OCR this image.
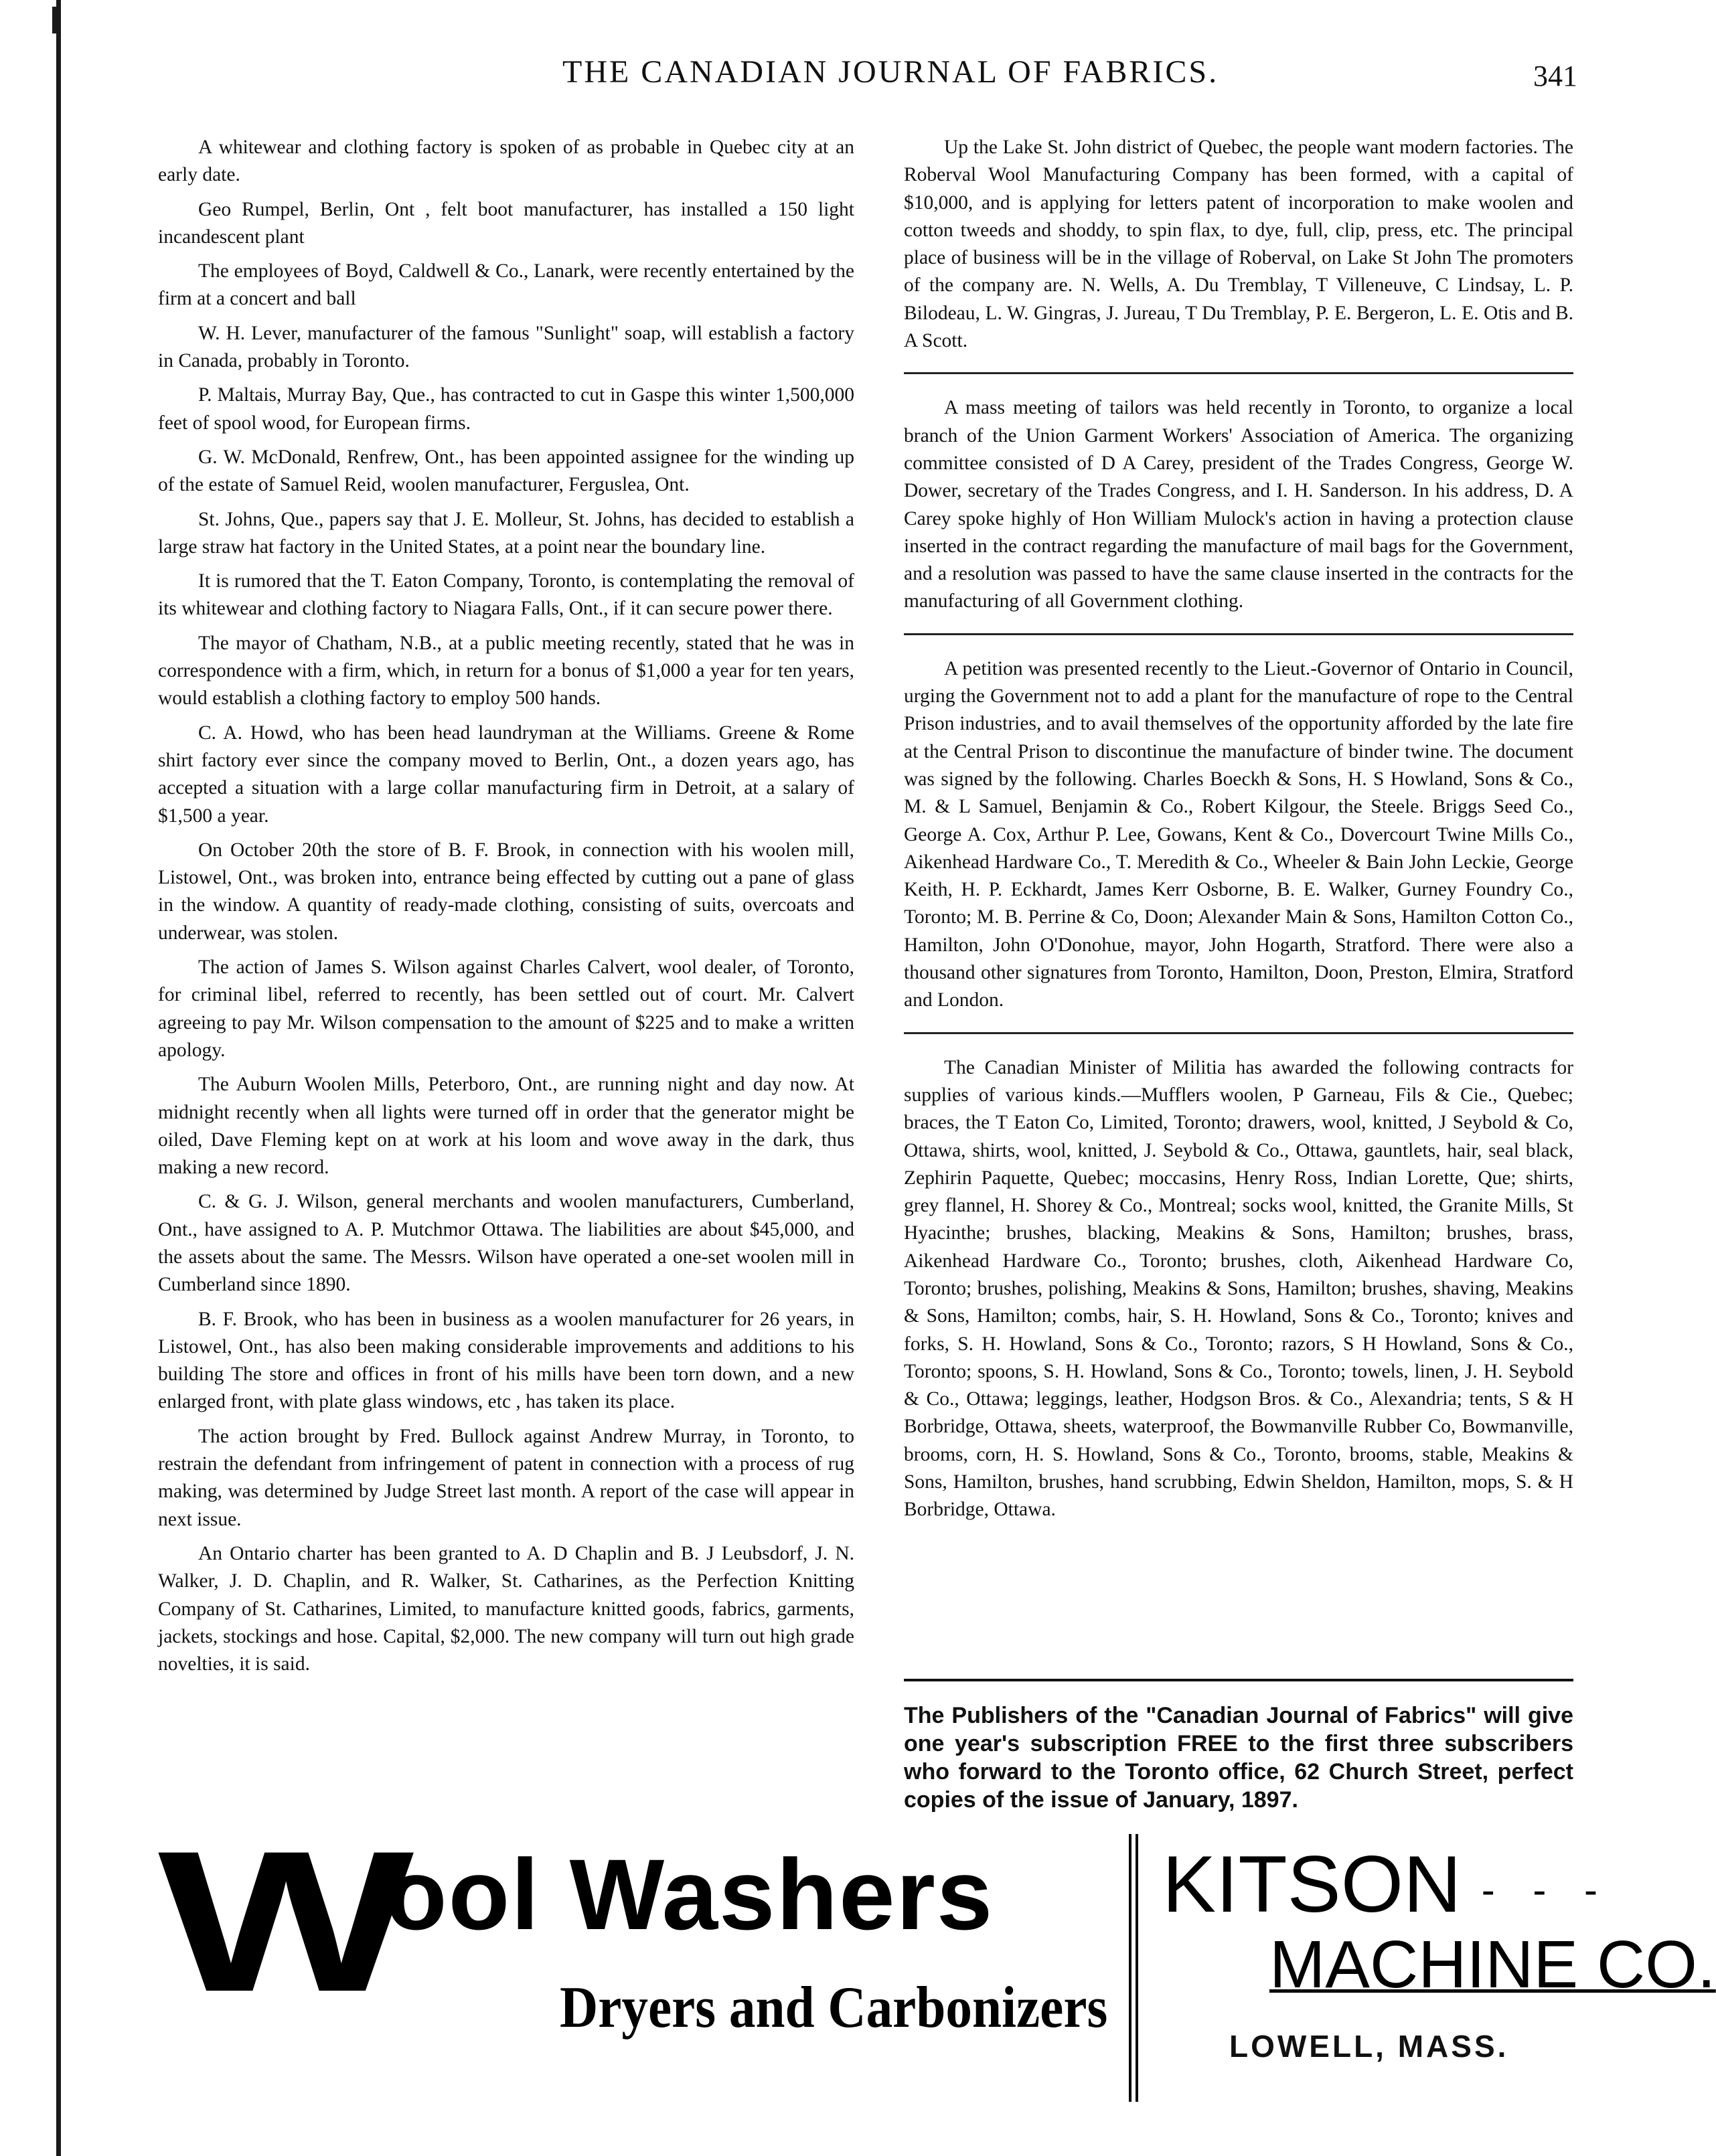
THE CANADIAN JOURNAL OF FABRICS.	341

A whitewear and clothing factory is spoken of as probable in Quebec city at an early date.

Geo Rumpel, Berlin, Ont , felt boot manufacturer, has installed a 150 light incandescent plant

The employees of Boyd, Caldwell & Co., Lanark, were recently entertained by the firm at a concert and ball

W. H. Lever, manufacturer of the famous "Sunlight" soap, will establish a factory in Canada, probably in Toronto.

P. Maltais, Murray Bay, Que., has contracted to cut in Gaspe this winter 1,500,000 feet of spool wood, for European firms.

G. W. McDonald, Renfrew, Ont., has been appointed assignee for the winding up of the estate of Samuel Reid, woolen manufacturer, Ferguslea, Ont.

St. Johns, Que., papers say that J. E. Molleur, St. Johns, has decided to establish a large straw hat factory in the United States, at a point near the boundary line.

It is rumored that the T. Eaton Company, Toronto, is contemplating the removal of its whitewear and clothing factory to Niagara Falls, Ont., if it can secure power there.

The mayor of Chatham, N.B., at a public meeting recently, stated that he was in correspondence with a firm, which, in return for a bonus of $1,000 a year for ten years, would establish a clothing factory to employ 500 hands.

C. A. Howd, who has been head laundryman at the Williams. Greene & Rome shirt factory ever since the company moved to Berlin, Ont., a dozen years ago, has accepted a situation with a large collar manufacturing firm in Detroit, at a salary of $1,500 a year.

On October 20th the store of B. F. Brook, in connection with his woolen mill, Listowel, Ont., was broken into, entrance being effected by cutting out a pane of glass in the window. A quantity of ready-made clothing, consisting of suits, overcoats and underwear, was stolen.

The action of James S. Wilson against Charles Calvert, wool dealer, of Toronto, for criminal libel, referred to recently, has been settled out of court. Mr. Calvert agreeing to pay Mr. Wilson compensation to the amount of $225 and to make a written apology.

The Auburn Woolen Mills, Peterboro, Ont., are running night and day now. At midnight recently when all lights were turned off in order that the generator might be oiled, Dave Fleming kept on at work at his loom and wove away in the dark, thus making a new record.

C. & G. J. Wilson, general merchants and woolen manufacturers, Cumberland, Ont., have assigned to A. P. Mutchmor Ottawa. The liabilities are about $45,000, and the assets about the same. The Messrs. Wilson have operated a one-set woolen mill in Cumberland since 1890.

B. F. Brook, who has been in business as a woolen manufacturer for 26 years, in Listowel, Ont., has also been making considerable improvements and additions to his building The store and offices in front of his mills have been torn down, and a new enlarged front, with plate glass windows, etc , has taken its place.

The action brought by Fred. Bullock against Andrew Murray, in Toronto, to restrain the defendant from infringement of patent in connection with a process of rug making, was determined by Judge Street last month. A report of the case will appear in next issue.

An Ontario charter has been granted to A. D Chaplin and B. J Leubsdorf, J. N. Walker, J. D. Chaplin, and R. Walker, St. Catharines, as the Perfection Knitting Company of St. Catharines, Limited, to manufacture knitted goods, fabrics, garments, jackets, stockings and hose. Capital, $2,000. The new company will turn out high grade novelties, it is said.

Up the Lake St. John district of Quebec, the people want modern factories. The Roberval Wool Manufacturing Company has been formed, with a capital of $10,000, and is applying for letters patent of incorporation to make woolen and cotton tweeds and shoddy, to spin flax, to dye, full, clip, press, etc. The principal place of business will be in the village of Roberval, on Lake St John The promoters of the company are. N. Wells, A. Du Tremblay, T Villeneuve, C Lindsay, L. P. Bilodeau, L. W. Gingras, J. Jureau, T Du Tremblay, P. E. Bergeron, L. E. Otis and B. A Scott.

A mass meeting of tailors was held recently in Toronto, to organize a local branch of the Union Garment Workers' Association of America. The organizing committee consisted of D A Carey, president of the Trades Congress, George W. Dower, secretary of the Trades Congress, and I. H. Sanderson. In his address, D. A Carey spoke highly of Hon William Mulock's action in having a protection clause inserted in the contract regarding the manufacture of mail bags for the Government, and a resolution was passed to have the same clause inserted in the contracts for the manufacturing of all Government clothing.

A petition was presented recently to the Lieut.-Governor of Ontario in Council, urging the Government not to add a plant for the manufacture of rope to the Central Prison industries, and to avail themselves of the opportunity afforded by the late fire at the Central Prison to discontinue the manufacture of binder twine. The document was signed by the following. Charles Boeckh & Sons, H. S Howland, Sons & Co., M. & L Samuel, Benjamin & Co., Robert Kilgour, the Steele. Briggs Seed Co., George A. Cox, Arthur P. Lee, Gowans, Kent & Co., Dovercourt Twine Mills Co., Aikenhead Hardware Co., T. Meredith & Co., Wheeler & Bain John Leckie, George Keith, H. P. Eckhardt, James Kerr Osborne, B. E. Walker, Gurney Foundry Co., Toronto; M. B. Perrine & Co, Doon; Alexander Main & Sons, Hamilton Cotton Co., Hamilton, John O'Donohue, mayor, John Hogarth, Stratford. There were also a thousand other signatures from Toronto, Hamilton, Doon, Preston, Elmira, Stratford and London.

The Canadian Minister of Militia has awarded the following contracts for supplies of various kinds.—Mufflers woolen, P Garneau, Fils & Cie., Quebec; braces, the T Eaton Co, Limited, Toronto; drawers, wool, knitted, J Seybold & Co, Ottawa, shirts, wool, knitted, J. Seybold & Co., Ottawa, gauntlets, hair, seal black, Zephirin Paquette, Quebec; moccasins, Henry Ross, Indian Lorette, Que; shirts, grey flannel, H. Shorey & Co., Montreal; socks wool, knitted, the Granite Mills, St Hyacinthe; brushes, blacking, Meakins & Sons, Hamilton; brushes, brass, Aikenhead Hardware Co., Toronto; brushes, cloth, Aikenhead Hardware Co, Toronto; brushes, polishing, Meakins & Sons, Hamilton; brushes, shaving, Meakins & Sons, Hamilton; combs, hair, S. H. Howland, Sons & Co., Toronto; knives and forks, S. H. Howland, Sons & Co., Toronto; razors, S H Howland, Sons & Co., Toronto; spoons, S. H. Howland, Sons & Co., Toronto; towels, linen, J. H. Seybold & Co., Ottawa; leggings, leather, Hodgson Bros. & Co., Alexandria; tents, S & H Borbridge, Ottawa, sheets, waterproof, the Bowmanville Rubber Co, Bowmanville, brooms, corn, H. S. Howland, Sons & Co., Toronto, brooms, stable, Meakins & Sons, Hamilton, brushes, hand scrubbing, Edwin Sheldon, Hamilton, mops, S. & H Borbridge, Ottawa.

The Publishers of the "Canadian Journal of Fabrics" will give one year's subscription FREE to the first three subscribers who forward to the Toronto office, 62 Church Street, perfect copies of the issue of January, 1897.
W
ool Washers
Dryers and Carbonizers
KITSON - - -
MACHINE CO.
LOWELL, MASS.
